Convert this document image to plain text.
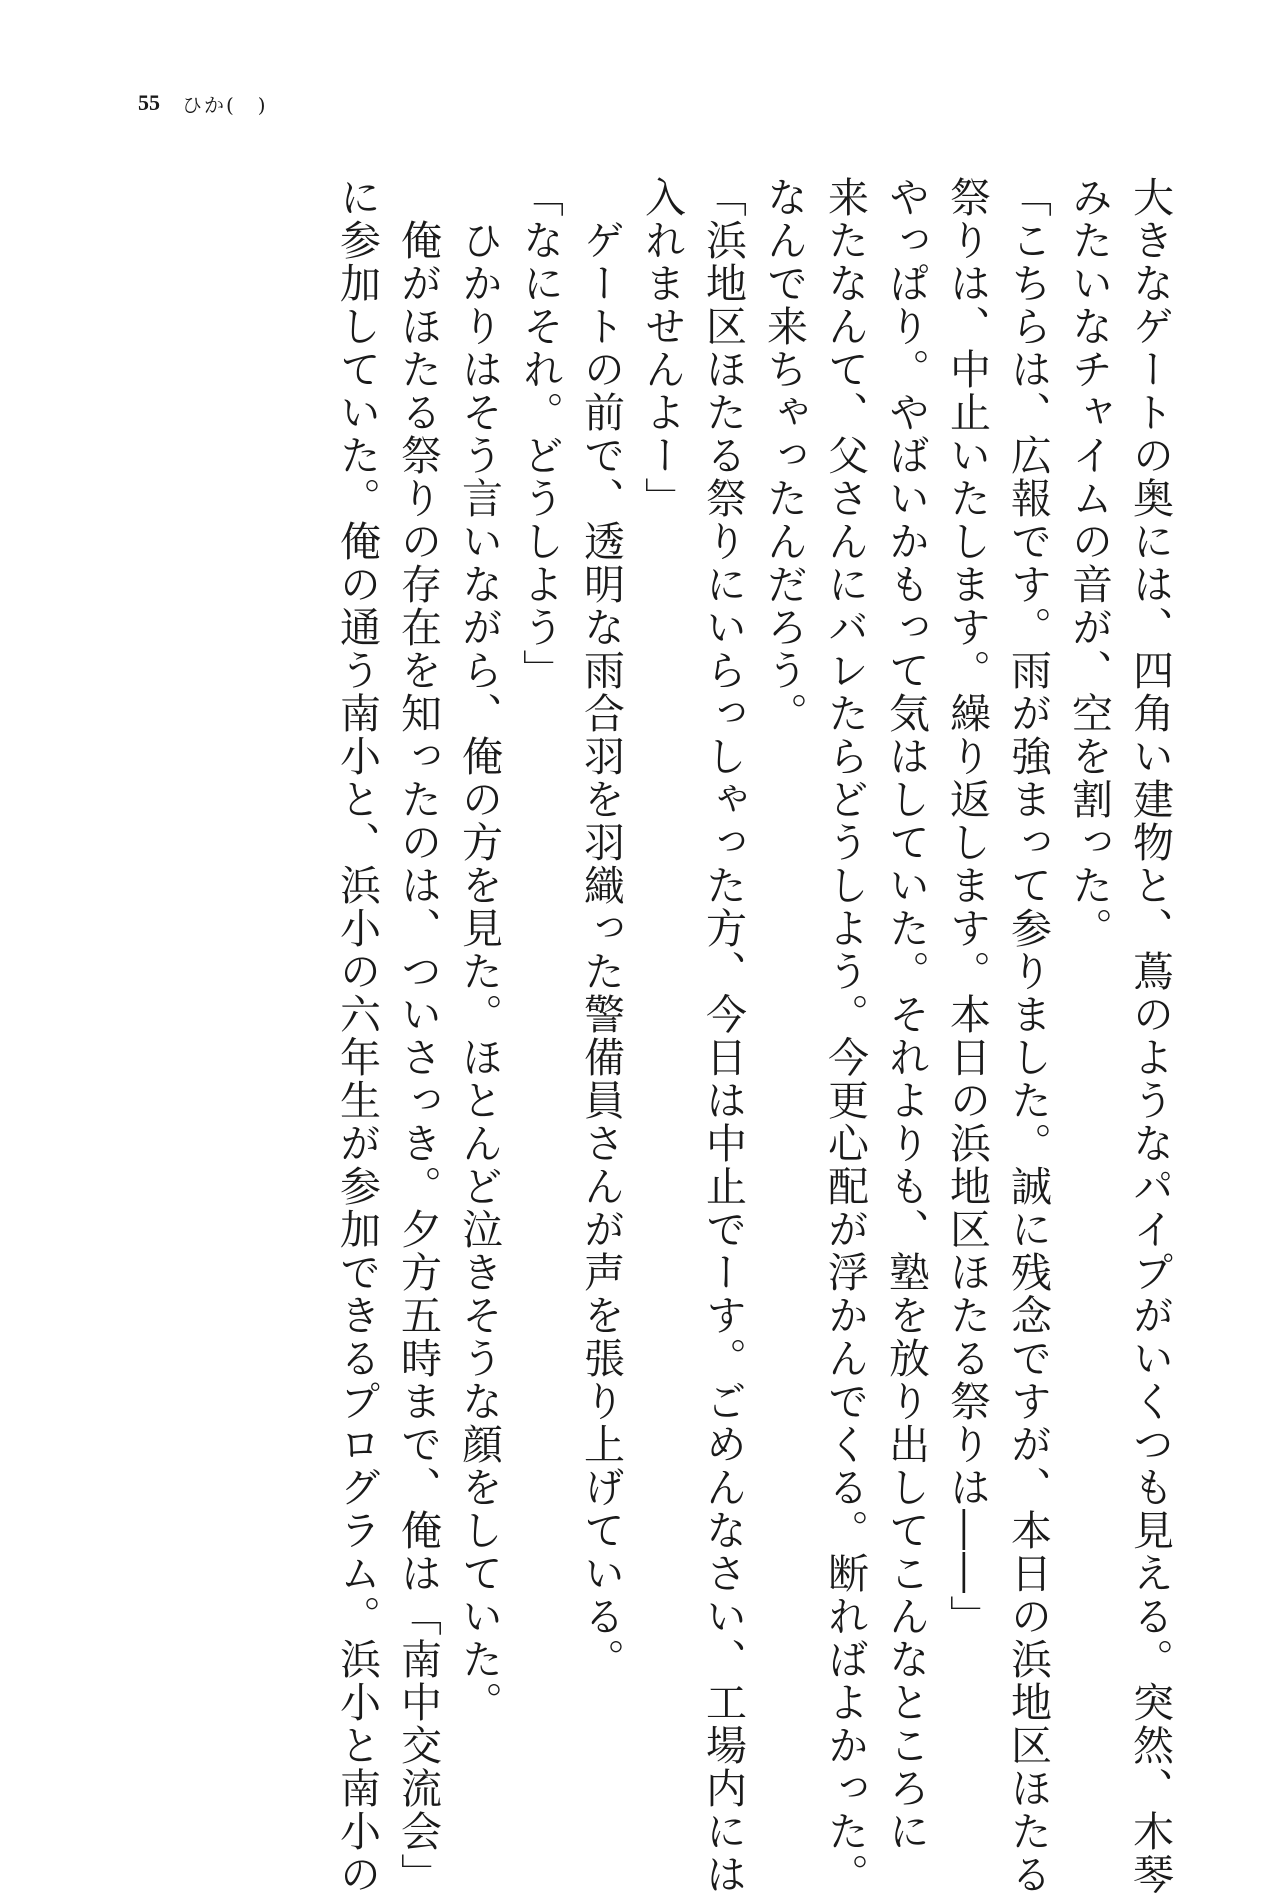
55 ひか(　)
大きなゲートの奥には、四角い建物と、蔦のようなパイプがいくつも見える。突然、木琴
みたいなチャイムの音が、空を割った。
「こちらは、広報です。雨が強まって参りました。誠に残念ですが、本日の浜地区ほたる
祭りは、中止いたします。繰り返します。本日の浜地区ほたる祭りは――」
やっぱり。やばいかもって気はしていた。それよりも、塾を放り出してこんなところに
来たなんて、父さんにバレたらどうしよう。今更心配が浮かんでくる。断ればよかった。
なんで来ちゃったんだろう。
「浜地区ほたる祭りにいらっしゃった方、今日は中止でーす。ごめんなさい、工場内には
入れませんよー」
　ゲートの前で、透明な雨合羽を羽織った警備員さんが声を張り上げている。
「なにそれ。どうしよう」
　ひかりはそう言いながら、俺の方を見た。ほとんど泣きそうな顔をしていた。
　俺がほたる祭りの存在を知ったのは、ついさっき。夕方五時まで、俺は「南中交流会」
に参加していた。俺の通う南小と、浜小の六年生が参加できるプログラム。浜小と南小の
